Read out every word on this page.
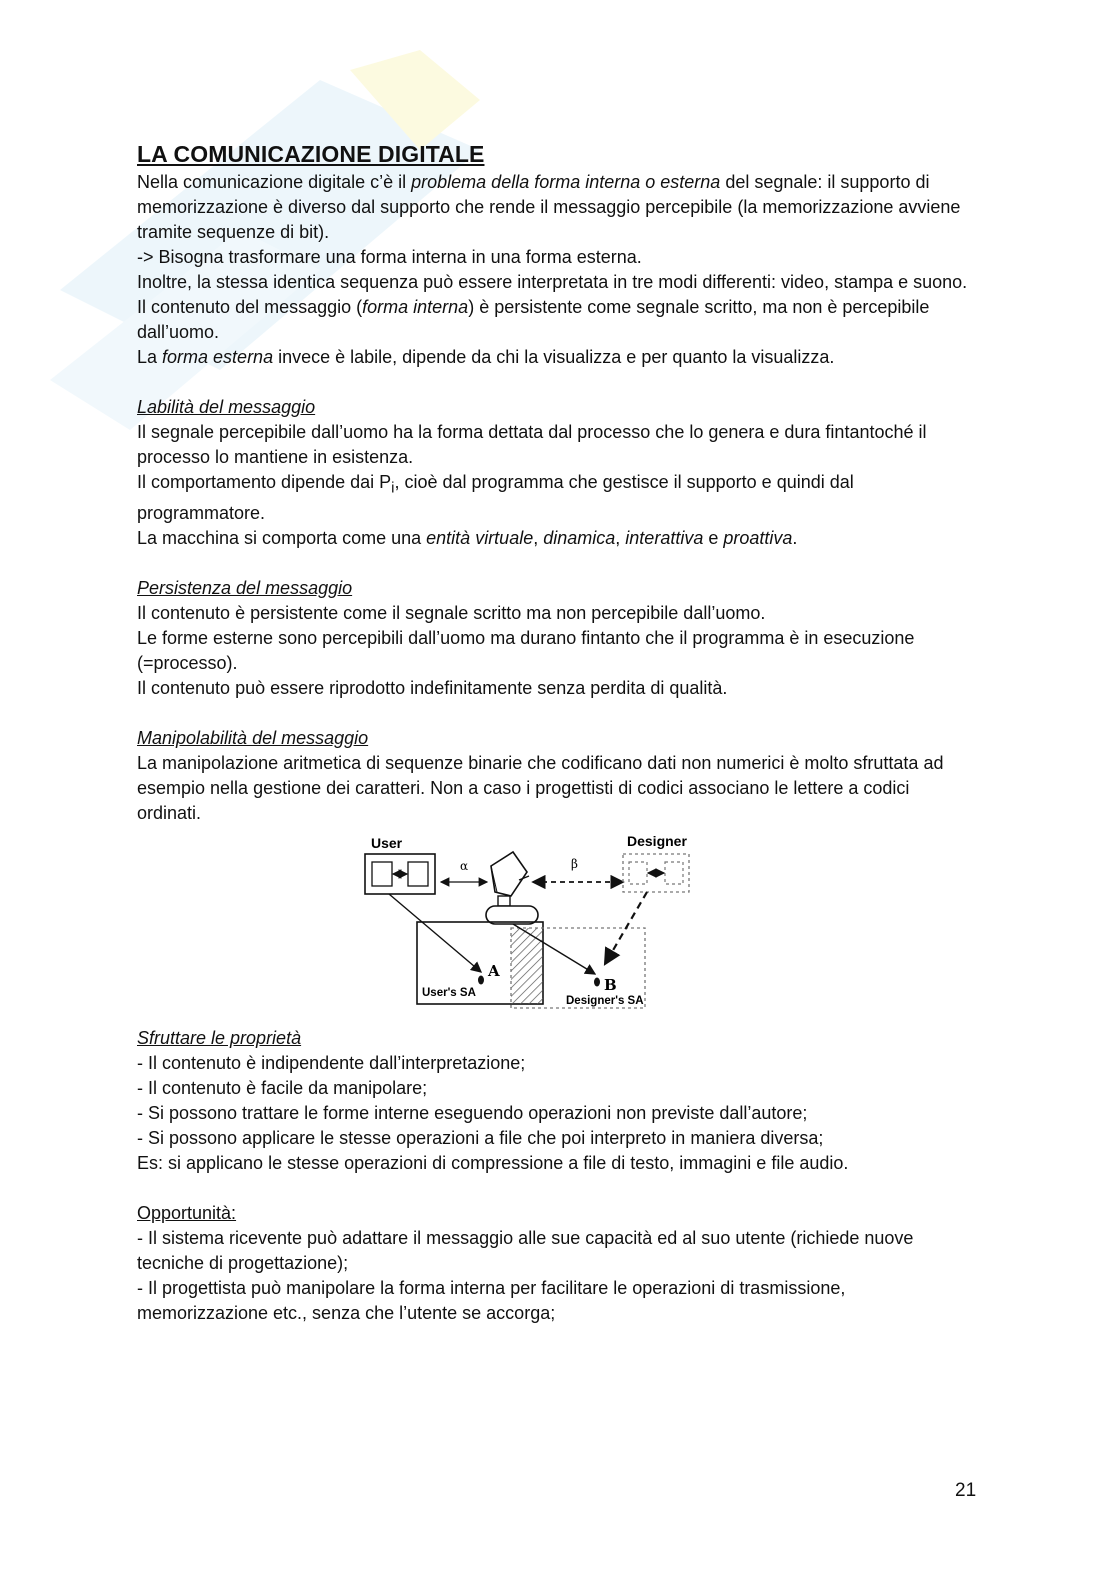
LA COMUNICAZIONE DIGITALE

Nella comunicazione digitale c’è il problema della forma interna o esterna del segnale: il supporto di memorizzazione è diverso dal supporto che rende il messaggio percepibile (la memorizzazione avviene tramite sequenze di bit).

-> Bisogna trasformare una forma interna in una forma esterna.

Inoltre, la stessa identica sequenza può essere interpretata in tre modi differenti: video, stampa e suono.

Il contenuto del messaggio (forma interna) è persistente come segnale scritto, ma non è percepibile dall’uomo.

La forma esterna invece è labile, dipende da chi la visualizza e per quanto la visualizza.

Labilità del messaggio

Il segnale percepibile dall’uomo ha la forma dettata dal processo che lo genera e dura fintantoché il processo lo mantiene in esistenza.

Il comportamento dipende dai $P_i$, cioè dal programma che gestisce il supporto e quindi dal programmatore.

La macchina si comporta come una entità virtuale, dinamica, interattiva e proattiva.

Persistenza del messaggio

Il contenuto è persistente come il segnale scritto ma non percepibile dall’uomo.

Le forme esterne sono percepibili dall’uomo ma durano fintanto che il programma è in esecuzione (=processo).

Il contenuto può essere riprodotto indefinitamente senza perdita di qualità.

Manipolabilità del messaggio

La manipolazione aritmetica di sequenze binarie che codificano dati non numerici è molto sfruttata ad esempio nella gestione dei caratteri. Non a caso i progettisti di codici associano le lettere a codici ordinati.

User
α	β
Designer
A
B
User's SA
Designer's SA

Sfruttare le proprietà

- Il contenuto è indipendente dall’interpretazione;

- Il contenuto è facile da manipolare;

- Si possono trattare le forme interne eseguendo operazioni non previste dall’autore;

- Si possono applicare le stesse operazioni a file che poi interpreto in maniera diversa;

Es: si applicano le stesse operazioni di compressione a file di testo, immagini e file audio.

Opportunità:

- Il sistema ricevente può adattare il messaggio alle sue capacità ed al suo utente (richiede nuove tecniche di progettazione);

- Il progettista può manipolare la forma interna per facilitare le operazioni di trasmissione, memorizzazione etc., senza che l’utente se accorga;

21
